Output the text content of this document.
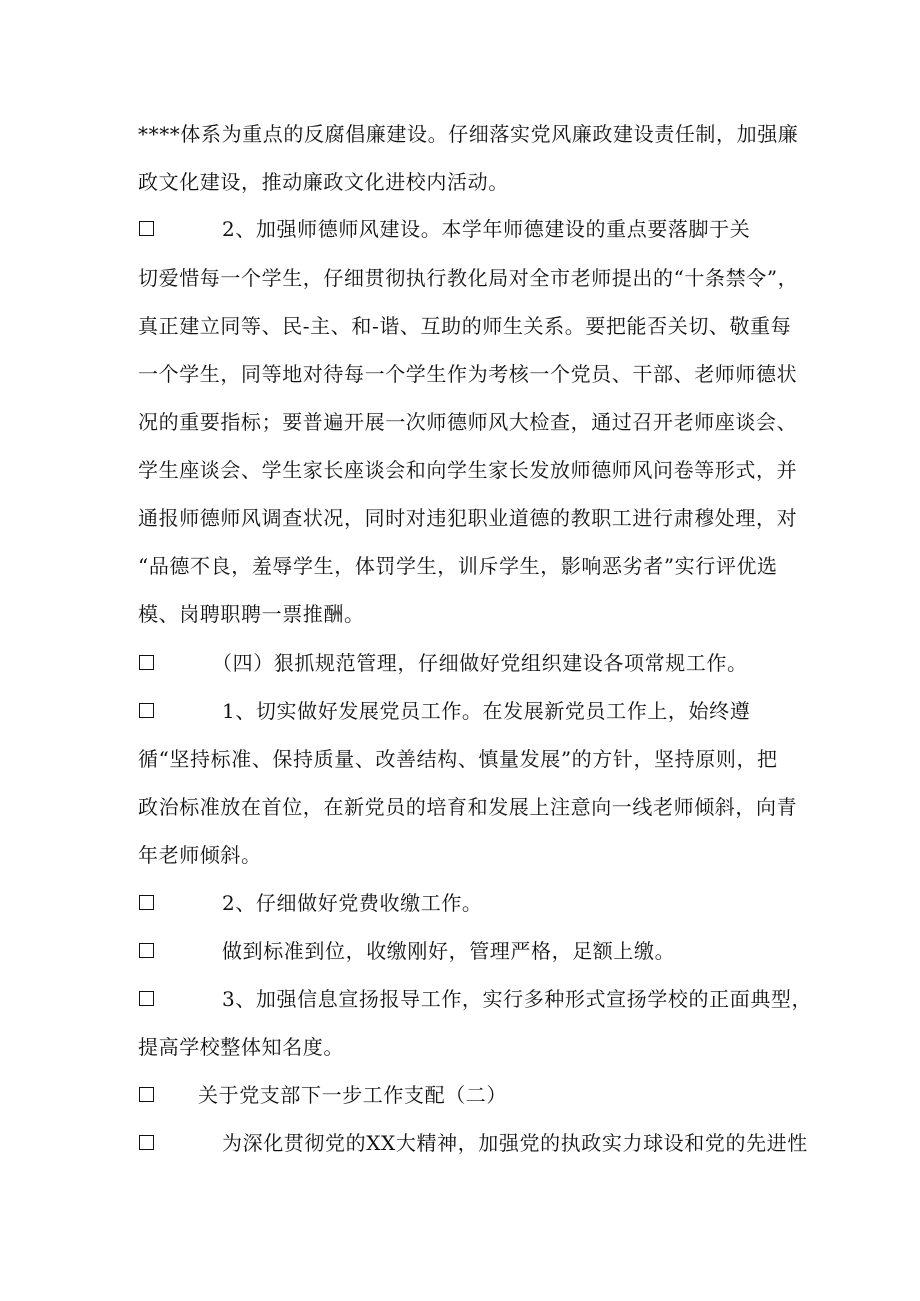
****体系为重点的反腐倡廉建设。仔细落实党风廉政建设责任制，加强廉
政文化建设，推动廉政文化进校内活动。
2、加强师德师风建设。本学年师德建设的重点要落脚于关
切爱惜每一个学生，仔细贯彻执行教化局对全市老师提出的“十条禁令”，
真正建立同等、民-主、和-谐、互助的师生关系。要把能否关切、敬重每
一个学生，同等地对待每一个学生作为考核一个党员、干部、老师师德状
况的重要指标；要普遍开展一次师德师风大检查，通过召开老师座谈会、
学生座谈会、学生家长座谈会和向学生家长发放师德师风问卷等形式，并
通报师德师风调查状况，同时对违犯职业道德的教职工进行肃穆处理，对
“品德不良，羞辱学生，体罚学生，训斥学生，影响恶劣者”实行评优选
模、岗聘职聘一票推酬。
（四）狠抓规范管理，仔细做好党组织建设各项常规工作。
1、切实做好发展党员工作。在发展新党员工作上，始终遵
循“坚持标准、保持质量、改善结构、慎量发展”的方针，坚持原则，把
政治标准放在首位，在新党员的培育和发展上注意向一线老师倾斜，向青
年老师倾斜。
2、仔细做好党费收缴工作。
做到标准到位，收缴刚好，管理严格，足额上缴。
3、加强信息宣扬报导工作，实行多种形式宣扬学校的正面典型，
提高学校整体知名度。
关于党支部下一步工作支配（二）
为深化贯彻党的XX大精神，加强党的执政实力球设和党的先进性
